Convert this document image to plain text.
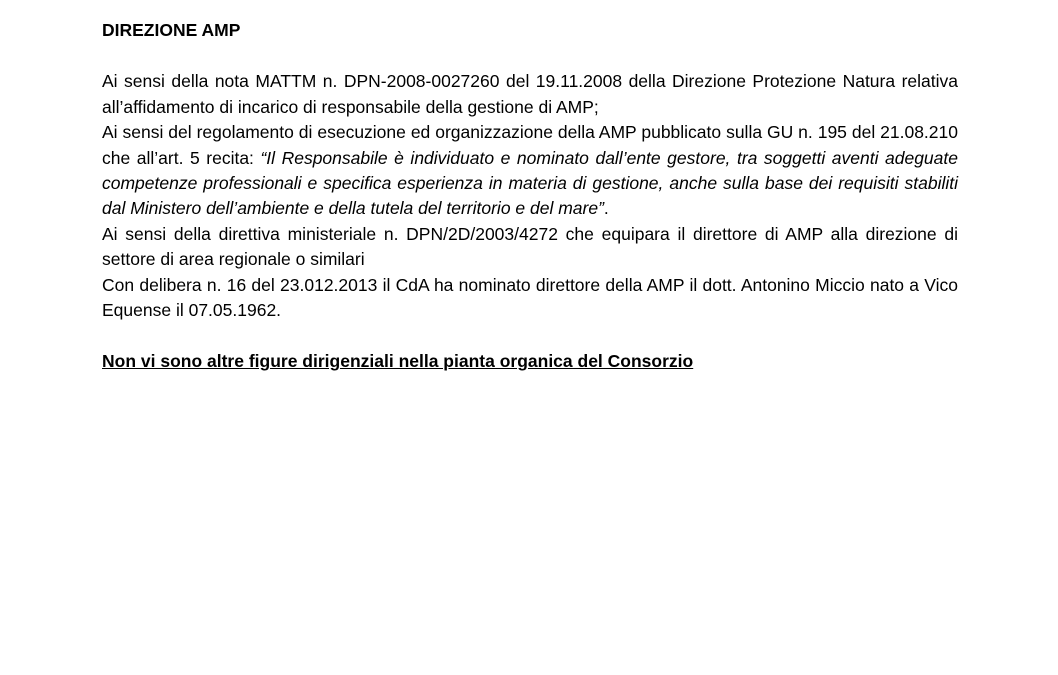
DIREZIONE AMP

Ai sensi della nota MATTM n. DPN-2008-0027260 del 19.11.2008 della Direzione Protezione Natura relativa all’affidamento di incarico di responsabile della gestione di AMP;

Ai sensi del regolamento di esecuzione ed organizzazione della AMP pubblicato sulla GU n. 195 del 21.08.210 che all’art. 5 recita: “Il Responsabile è individuato e nominato dall’ente gestore, tra soggetti aventi adeguate competenze professionali e specifica esperienza in materia di gestione, anche sulla base dei requisiti stabiliti dal Ministero dell’ambiente e della tutela del territorio e del mare”.

Ai sensi della direttiva ministeriale n. DPN/2D/2003/4272 che equipara il direttore di AMP alla direzione di settore di area regionale o similari

Con delibera n. 16 del 23.012.2013 il CdA ha nominato direttore della AMP il dott. Antonino Miccio nato a Vico Equense il 07.05.1962.

Non vi sono altre figure dirigenziali nella pianta organica del Consorzio
